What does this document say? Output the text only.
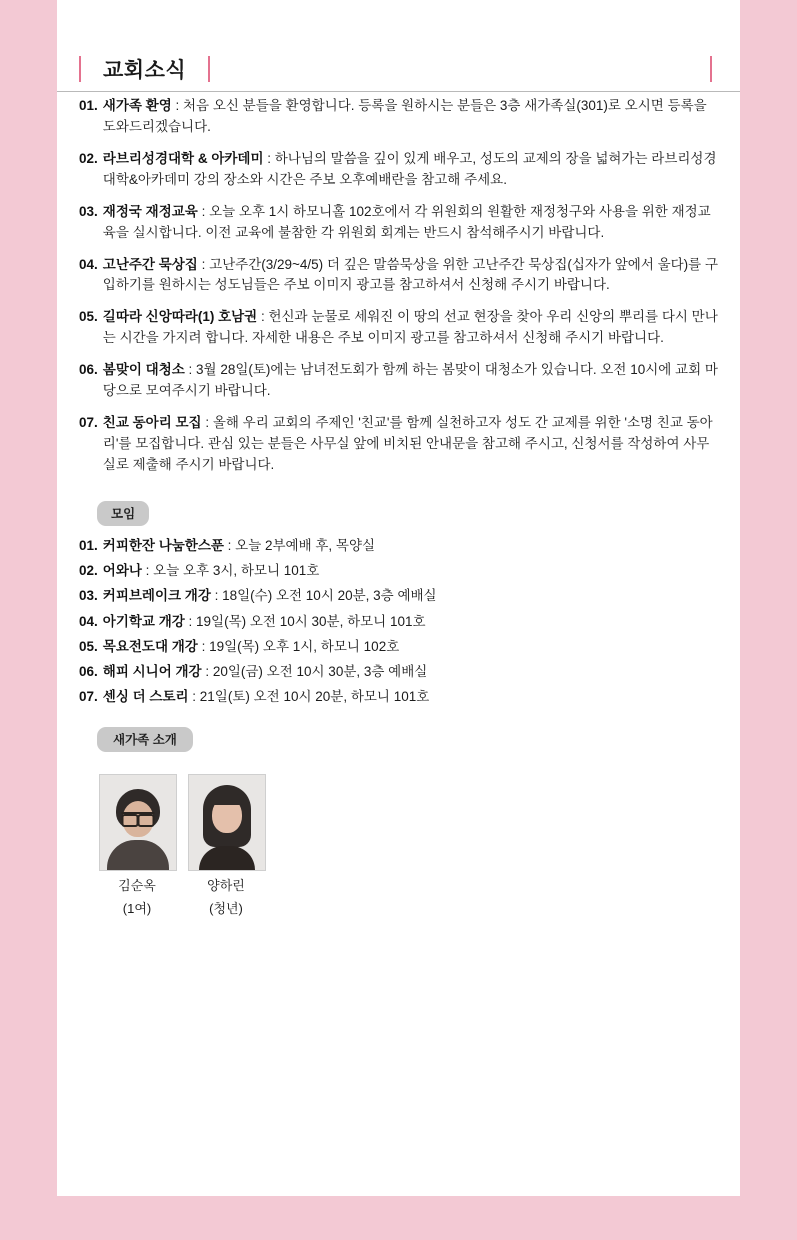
교회소식
01. 새가족 환영 : 처음 오신 분들을 환영합니다. 등록을 원하시는 분들은 3층 새가족실(301)로 오시면 등록을 도와드리겠습니다.
02. 라브리성경대학 & 아카데미 : 하나님의 말씀을 깊이 있게 배우고, 성도의 교제의 장을 넓혀가는 라브리성경대학&아카데미 강의 장소와 시간은 주보 오후예배란을 참고해 주세요.
03. 재정국 재정교육 : 오늘 오후 1시 하모니홀 102호에서 각 위원회의 원활한 재정청구와 사용을 위한 재정교육을 실시합니다. 이전 교육에 불참한 각 위원회 회계는 반드시 참석해주시기 바랍니다.
04. 고난주간 묵상집 : 고난주간(3/29~4/5) 더 깊은 말씀묵상을 위한 고난주간 묵상집(십자가 앞에서 울다)를 구입하기를 원하시는 성도님들은 주보 이미지 광고를 참고하셔서 신청해 주시기 바랍니다.
05. 길따라 신앙따라(1) 호남권 : 헌신과 눈물로 세워진 이 땅의 선교 현장을 찾아 우리 신앙의 뿌리를 다시 만나는 시간을 가지려 합니다. 자세한 내용은 주보 이미지 광고를 참고하셔서 신청해 주시기 바랍니다.
06. 봄맞이 대청소 : 3월 28일(토)에는 남녀전도회가 함께 하는 봄맞이 대청소가 있습니다. 오전 10시에 교회 마당으로 모여주시기 바랍니다.
07. 친교 동아리 모집 : 올해 우리 교회의 주제인 '친교'를 함께 실천하고자 성도 간 교제를 위한 '소명 친교 동아리'를 모집합니다. 관심 있는 분들은 사무실 앞에 비치된 안내문을 참고해 주시고, 신청서를 작성하여 사무실로 제출해 주시기 바랍니다.
모임
01. 커피한잔 나눔한스푼 : 오늘 2부예배 후, 목양실
02. 어와나 : 오늘 오후 3시, 하모니 101호
03. 커피브레이크 개강 : 18일(수) 오전 10시 20분, 3층 예배실
04. 아기학교 개강 : 19일(목) 오전 10시 30분, 하모니 101호
05. 목요전도대 개강 : 19일(목) 오후 1시, 하모니 102호
06. 해피 시니어 개강 : 20일(금) 오전 10시 30분, 3층 예배실
07. 센싱 더 스토리 : 21일(토) 오전 10시 20분, 하모니 101호
새가족 소개
김순옥
(1여)
양하린
(청년)
